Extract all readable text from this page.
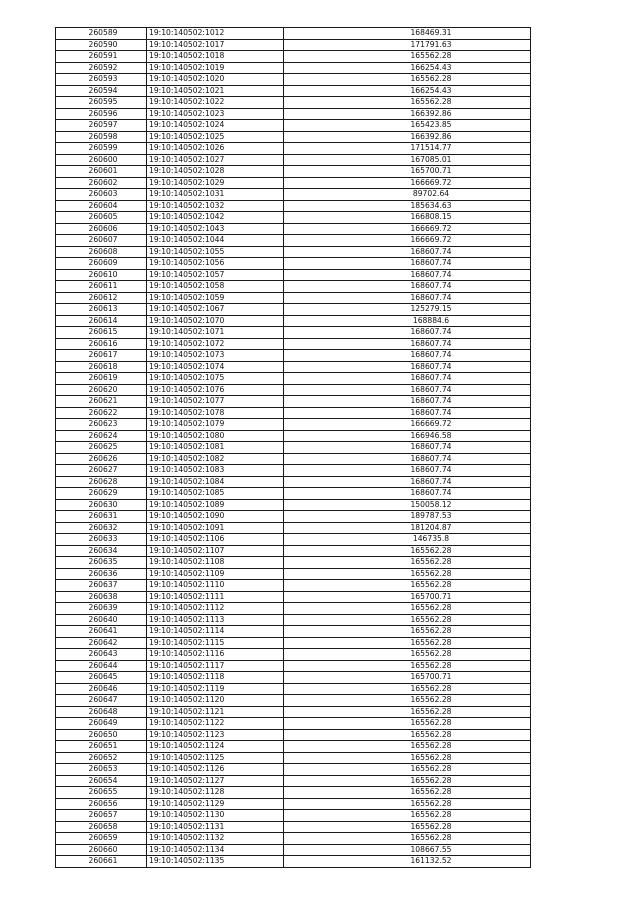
260589	19:10:140502:1012	168469.31
260590	19:10:140502:1017	171791.63
260591	19:10:140502:1018	165562.28
260592	19:10:140502:1019	166254.43
260593	19:10:140502:1020	165562.28
260594	19:10:140502:1021	166254.43
260595	19:10:140502:1022	165562.28
260596	19:10:140502:1023	166392.86
260597	19:10:140502:1024	165423.85
260598	19:10:140502:1025	166392.86
260599	19:10:140502:1026	171514.77
260600	19:10:140502:1027	167085.01
260601	19:10:140502:1028	165700.71
260602	19:10:140502:1029	166669.72
260603	19:10:140502:1031	89702.64
260604	19:10:140502:1032	185634.63
260605	19:10:140502:1042	166808.15
260606	19:10:140502:1043	166669.72
260607	19:10:140502:1044	166669.72
260608	19:10:140502:1055	168607.74
260609	19:10:140502:1056	168607.74
260610	19:10:140502:1057	168607.74
260611	19:10:140502:1058	168607.74
260612	19:10:140502:1059	168607.74
260613	19:10:140502:1067	125279.15
260614	19:10:140502:1070	168884.6
260615	19:10:140502:1071	168607.74
260616	19:10:140502:1072	168607.74
260617	19:10:140502:1073	168607.74
260618	19:10:140502:1074	168607.74
260619	19:10:140502:1075	168607.74
260620	19:10:140502:1076	168607.74
260621	19:10:140502:1077	168607.74
260622	19:10:140502:1078	168607.74
260623	19:10:140502:1079	166669.72
260624	19:10:140502:1080	166946.58
260625	19:10:140502:1081	168607.74
260626	19:10:140502:1082	168607.74
260627	19:10:140502:1083	168607.74
260628	19:10:140502:1084	168607.74
260629	19:10:140502:1085	168607.74
260630	19:10:140502:1089	150058.12
260631	19:10:140502:1090	189787.53
260632	19:10:140502:1091	181204.87
260633	19:10:140502:1106	146735.8
260634	19:10:140502:1107	165562.28
260635	19:10:140502:1108	165562.28
260636	19:10:140502:1109	165562.28
260637	19:10:140502:1110	165562.28
260638	19:10:140502:1111	165700.71
260639	19:10:140502:1112	165562.28
260640	19:10:140502:1113	165562.28
260641	19:10:140502:1114	165562.28
260642	19:10:140502:1115	165562.28
260643	19:10:140502:1116	165562.28
260644	19:10:140502:1117	165562.28
260645	19:10:140502:1118	165700.71
260646	19:10:140502:1119	165562.28
260647	19:10:140502:1120	165562.28
260648	19:10:140502:1121	165562.28
260649	19:10:140502:1122	165562.28
260650	19:10:140502:1123	165562.28
260651	19:10:140502:1124	165562.28
260652	19:10:140502:1125	165562.28
260653	19:10:140502:1126	165562.28
260654	19:10:140502:1127	165562.28
260655	19:10:140502:1128	165562.28
260656	19:10:140502:1129	165562.28
260657	19:10:140502:1130	165562.28
260658	19:10:140502:1131	165562.28
260659	19:10:140502:1132	165562.28
260660	19:10:140502:1134	108667.55
260661	19:10:140502:1135	161132.52
